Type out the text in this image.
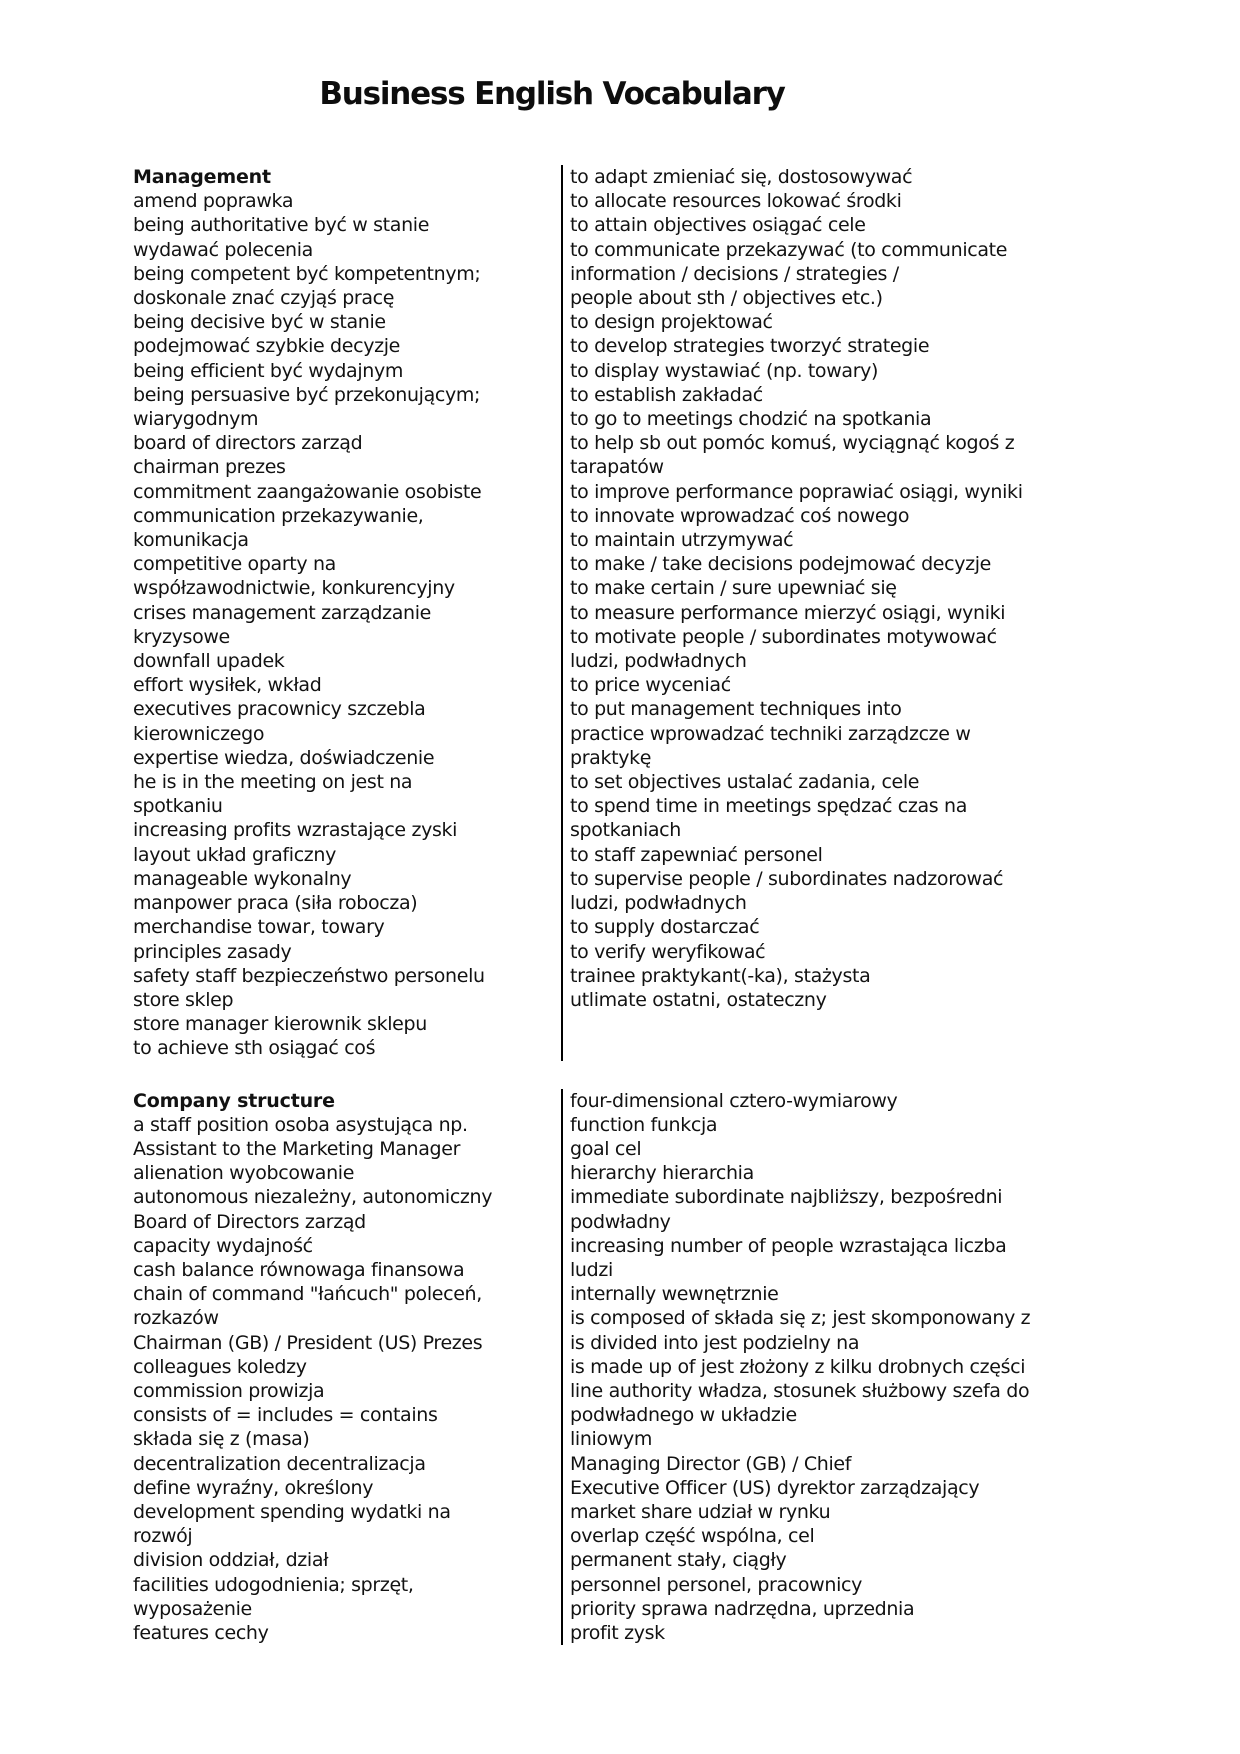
Business English Vocabulary
Management
amend poprawka
being authoritative być w stanie
wydawać polecenia
being competent być kompetentnym;
doskonale znać czyjąś pracę
being decisive być w stanie
podejmować szybkie decyzje
being efficient być wydajnym
being persuasive być przekonującym;
wiarygodnym
board of directors zarząd
chairman prezes
commitment zaangażowanie osobiste
communication przekazywanie,
komunikacja
competitive oparty na
współzawodnictwie, konkurencyjny
crises management zarządzanie
kryzysowe
downfall upadek
effort wysiłek, wkład
executives pracownicy szczebla
kierowniczego
expertise wiedza, doświadczenie
he is in the meeting on jest na
spotkaniu
increasing profits wzrastające zyski
layout układ graficzny
manageable wykonalny
manpower praca (siła robocza)
merchandise towar, towary
principles zasady
safety staff bezpieczeństwo personelu
store sklep
store manager kierownik sklepu
to achieve sth osiągać coś
to adapt zmieniać się, dostosowywać
to allocate resources lokować środki
to attain objectives osiągać cele
to communicate przekazywać (to communicate
information / decisions / strategies /
people about sth / objectives etc.)
to design projektować
to develop strategies tworzyć strategie
to display wystawiać (np. towary)
to establish zakładać
to go to meetings chodzić na spotkania
to help sb out pomóc komuś, wyciągnąć kogoś z
tarapatów
to improve performance poprawiać osiągi, wyniki
to innovate wprowadzać coś nowego
to maintain utrzymywać
to make / take decisions podejmować decyzje
to make certain / sure upewniać się
to measure performance mierzyć osiągi, wyniki
to motivate people / subordinates motywować
ludzi, podwładnych
to price wyceniać
to put management techniques into
practice wprowadzać techniki zarządzcze w
praktykę
to set objectives ustalać zadania, cele
to spend time in meetings spędzać czas na
spotkaniach
to staff zapewniać personel
to supervise people / subordinates nadzorować
ludzi, podwładnych
to supply dostarczać
to verify weryfikować
trainee praktykant(-ka), stażysta
utlimate ostatni, ostateczny
Company structure
a staff position osoba asystująca np.
Assistant to the Marketing Manager
alienation wyobcowanie
autonomous niezależny, autonomiczny
Board of Directors zarząd
capacity wydajność
cash balance równowaga finansowa
chain of command "łańcuch" poleceń,
rozkazów
Chairman (GB) / President (US) Prezes
colleagues koledzy
commission prowizja
consists of = includes = contains
składa się z (masa)
decentralization decentralizacja
define wyraźny, określony
development spending wydatki na
rozwój
division oddział, dział
facilities udogodnienia; sprzęt,
wyposażenie
features cechy
four-dimensional cztero-wymiarowy
function funkcja
goal cel
hierarchy hierarchia
immediate subordinate najbliższy, bezpośredni
podwładny
increasing number of people wzrastająca liczba
ludzi
internally wewnętrznie
is composed of składa się z; jest skomponowany z
is divided into jest podzielny na
is made up of jest złożony z kilku drobnych części
line authority władza, stosunek służbowy szefa do
podwładnego w układzie
liniowym
Managing Director (GB) / Chief
Executive Officer (US) dyrektor zarządzający
market share udział w rynku
overlap część wspólna, cel
permanent stały, ciągły
personnel personel, pracownicy
priority sprawa nadrzędna, uprzednia
profit zysk
